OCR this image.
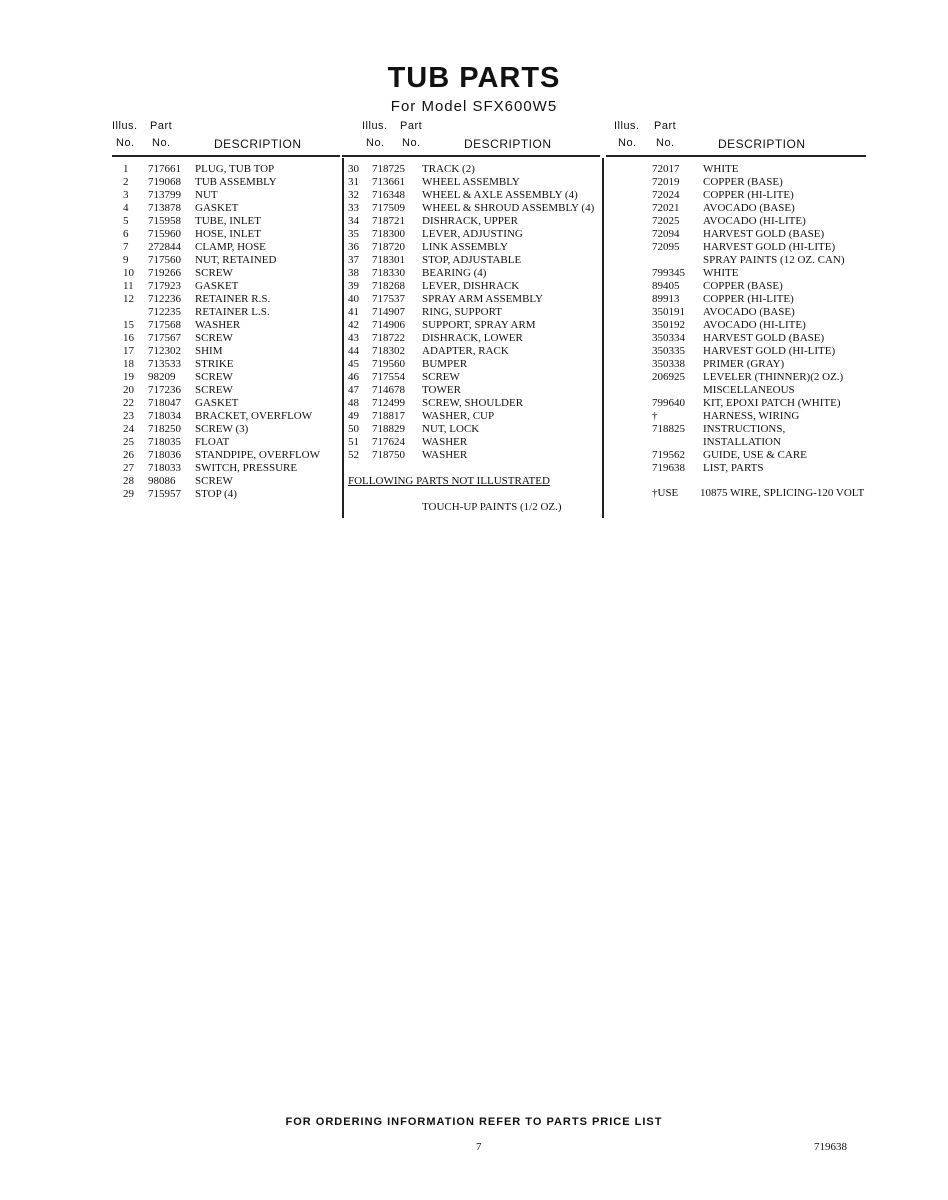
TUB PARTS
For Model SFX600W5
Illus. Part
No. No.	DESCRIPTION
Illus. Part
No. No.	DESCRIPTION
Illus. Part
No. No.	DESCRIPTION
1 717661 PLUG, TUB TOP
2 719068 TUB ASSEMBLY
3 713799 NUT
4 713878 GASKET
5 715958 TUBE, INLET
6 715960 HOSE, INLET
7 272844 CLAMP, HOSE
9 717560 NUT, RETAINED
10 719266 SCREW
11 717923 GASKET
12 712236 RETAINER R.S.
712235 RETAINER L.S.
15 717568 WASHER
16 717567 SCREW
17 712302 SHIM
18 713533 STRIKE
19 98209 SCREW
20 717236 SCREW
22 718047 GASKET
23 718034 BRACKET, OVERFLOW
24 718250 SCREW (3)
25 718035 FLOAT
26 718036 STANDPIPE, OVERFLOW
27 718033 SWITCH, PRESSURE
28 98086 SCREW
29 715957 STOP (4)
30 718725 TRACK (2)
31 713661 WHEEL ASSEMBLY
32 716348 WHEEL & AXLE ASSEMBLY (4)
33 717509 WHEEL & SHROUD ASSEMBLY (4)
34 718721 DISHRACK, UPPER
35 718300 LEVER, ADJUSTING
36 718720 LINK ASSEMBLY
37 718301 STOP, ADJUSTABLE
38 718330 BEARING (4)
39 718268 LEVER, DISHRACK
40 717537 SPRAY ARM ASSEMBLY
41 714907 RING, SUPPORT
42 714906 SUPPORT, SPRAY ARM
43 718722 DISHRACK, LOWER
44 718302 ADAPTER, RACK
45 719560 BUMPER
46 717554 SCREW
47 714678 TOWER
48 712499 SCREW, SHOULDER
49 718817 WASHER, CUP
50 718829 NUT, LOCK
51 717624 WASHER
52 718750 WASHER
72017 WHITE
72019 COPPER (BASE)
72024 COPPER (HI-LITE)
72021 AVOCADO (BASE)
72025 AVOCADO (HI-LITE)
72094 HARVEST GOLD (BASE)
72095 HARVEST GOLD (HI-LITE)
SPRAY PAINTS (12 OZ. CAN)
799345 WHITE
89405 COPPER (BASE)
89913 COPPER (HI-LITE)
350191 AVOCADO (BASE)
350192 AVOCADO (HI-LITE)
350334 HARVEST GOLD (BASE)
350335 HARVEST GOLD (HI-LITE)
350338 PRIMER (GRAY)
206925 LEVELER (THINNER)(2 OZ.)
MISCELLANEOUS
799640 KIT, EPOXI PATCH (WHITE)
†	HARNESS, WIRING
718825 INSTRUCTIONS,
INSTALLATION
719562 GUIDE, USE & CARE
719638 LIST, PARTS
FOLLOWING PARTS NOT ILLUSTRATED
TOUCH-UP PAINTS (1/2 OZ.)
†USE 10875 WIRE, SPLICING-120 VOLT
FOR ORDERING INFORMATION REFER TO PARTS PRICE LIST
7	719638
